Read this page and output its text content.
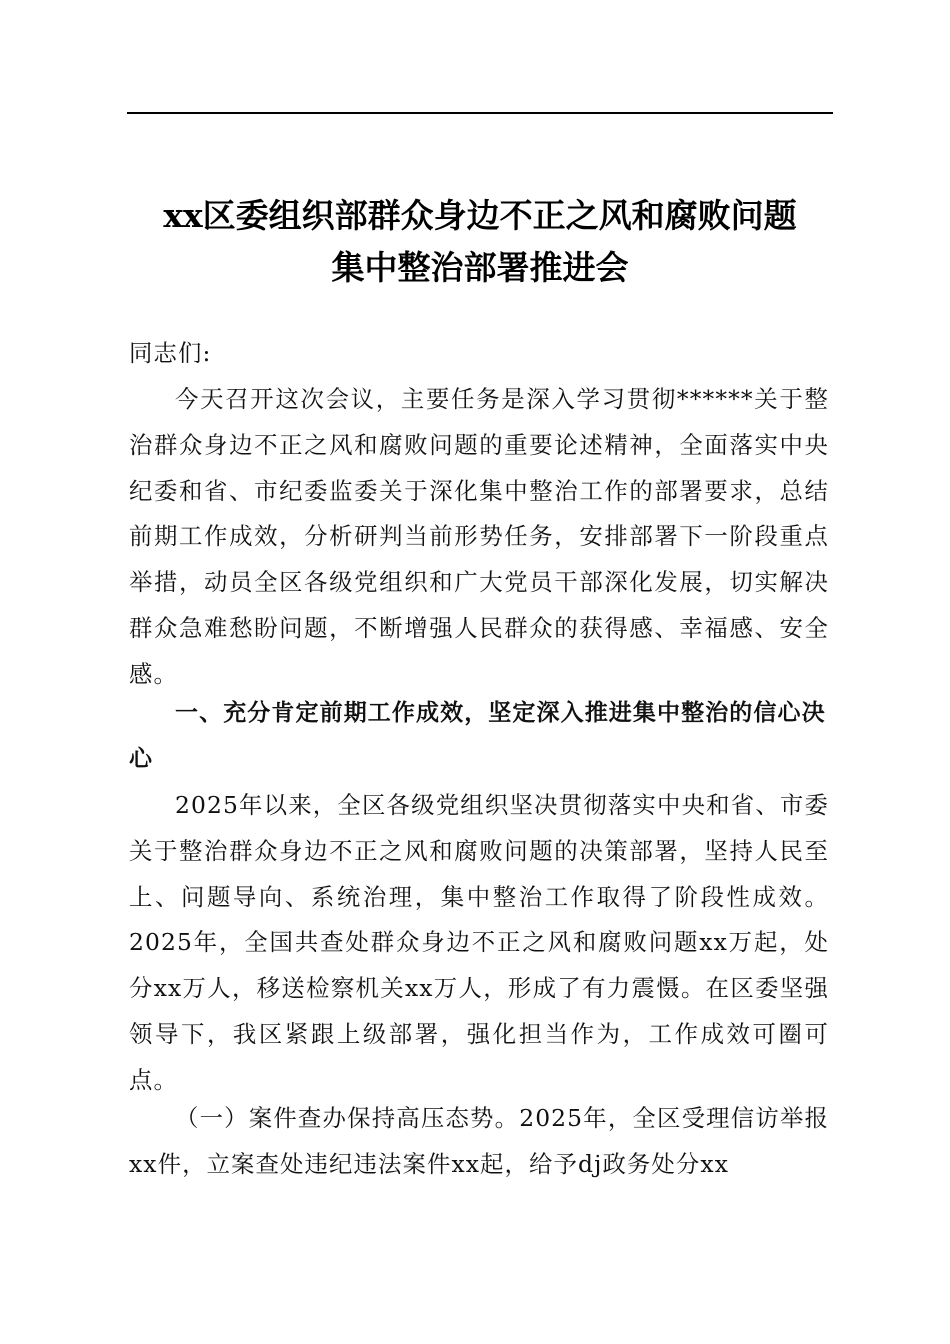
xx区委组织部群众身边不正之风和腐败问题
集中整治部署推进会
同志们:
今天召开这次会议，主要任务是深入学习贯彻******关于整治群众身边不正之风和腐败问题的重要论述精神，全面落实中央纪委和省、市纪委监委关于深化集中整治工作的部署要求，总结前期工作成效，分析研判当前形势任务，安排部署下一阶段重点举措，动员全区各级党组织和广大党员干部深化发展，切实解决群众急难愁盼问题，不断增强人民群众的获得感、幸福感、安全感。
一、充分肯定前期工作成效，坚定深入推进集中整治的信心决心
2025年以来，全区各级党组织坚决贯彻落实中央和省、市委关于整治群众身边不正之风和腐败问题的决策部署，坚持人民至上、问题导向、系统治理，集中整治工作取得了阶段性成效。2025年，全国共查处群众身边不正之风和腐败问题xx万起，处分xx万人，移送检察机关xx万人，形成了有力震慑。在区委坚强领导下，我区紧跟上级部署，强化担当作为，工作成效可圈可点。
（一）案件查办保持高压态势。2025年，全区受理信访举报xx件，立案查处违纪违法案件xx起，给予dj政务处分xx
